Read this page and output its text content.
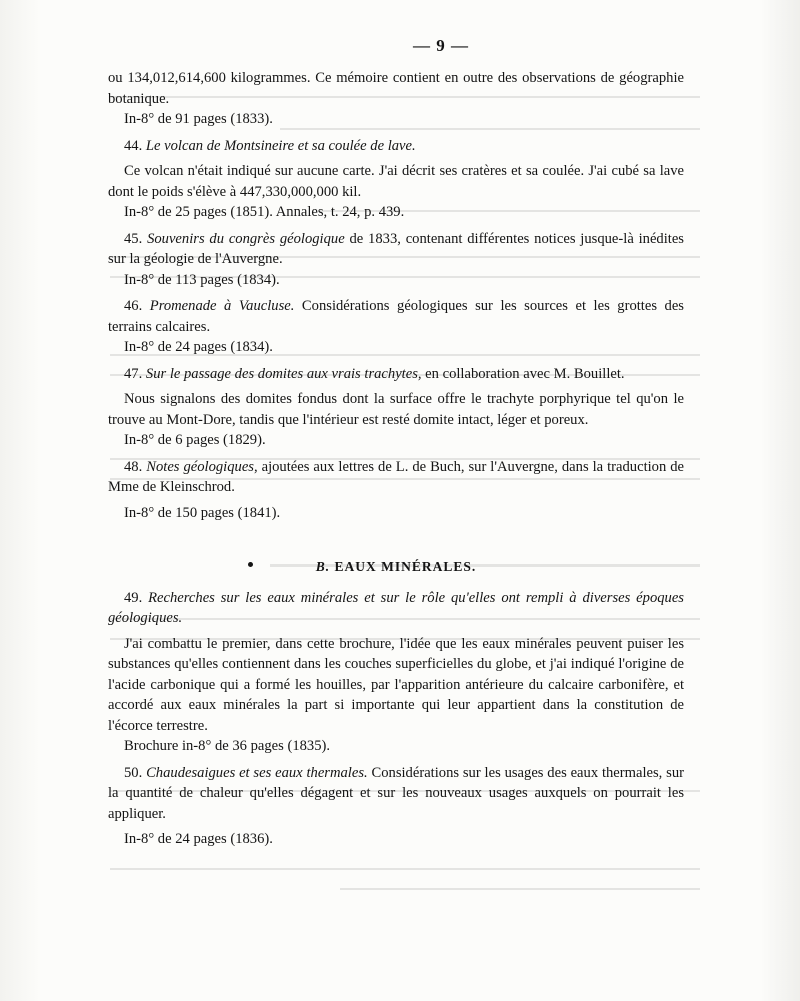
— 9 —

ou 134,012,614,600 kilogrammes. Ce mémoire contient en outre des observations de géographie botanique.

In-8° de 91 pages (1833).

44. Le volcan de Montsineire et sa coulée de lave.

Ce volcan n'était indiqué sur aucune carte. J'ai décrit ses cratères et sa coulée. J'ai cubé sa lave dont le poids s'élève à 447,330,000,000 kil.

In-8° de 25 pages (1851). Annales, t. 24, p. 439.

45. Souvenirs du congrès géologique de 1833, contenant différentes notices jusque-là inédites sur la géologie de l'Auvergne.

In-8° de 113 pages (1834).

46. Promenade à Vaucluse. Considérations géologiques sur les sources et les grottes des terrains calcaires.

In-8° de 24 pages (1834).

47. Sur le passage des domites aux vrais trachytes, en collaboration avec M. Bouillet.

Nous signalons des domites fondus dont la surface offre le trachyte porphyrique tel qu'on le trouve au Mont-Dore, tandis que l'intérieur est resté domite intact, léger et poreux.

In-8° de 6 pages (1829).

48. Notes géologiques, ajoutées aux lettres de L. de Buch, sur l'Auvergne, dans la traduction de Mme de Kleinschrod.

In-8° de 150 pages (1841).

B. EAUX MINÉRALES.

49. Recherches sur les eaux minérales et sur le rôle qu'elles ont rempli à diverses époques géologiques.

J'ai combattu le premier, dans cette brochure, l'idée que les eaux minérales peuvent puiser les substances qu'elles contiennent dans les couches superficielles du globe, et j'ai indiqué l'origine de l'acide carbonique qui a formé les houilles, par l'apparition antérieure du calcaire carbonifère, et accordé aux eaux minérales la part si importante qui leur appartient dans la constitution de l'écorce terrestre.

Brochure in-8° de 36 pages (1835).

50. Chaudesaigues et ses eaux thermales. Considérations sur les usages des eaux thermales, sur la quantité de chaleur qu'elles dégagent et sur les nouveaux usages auxquels on pourrait les appliquer.

In-8° de 24 pages (1836).
